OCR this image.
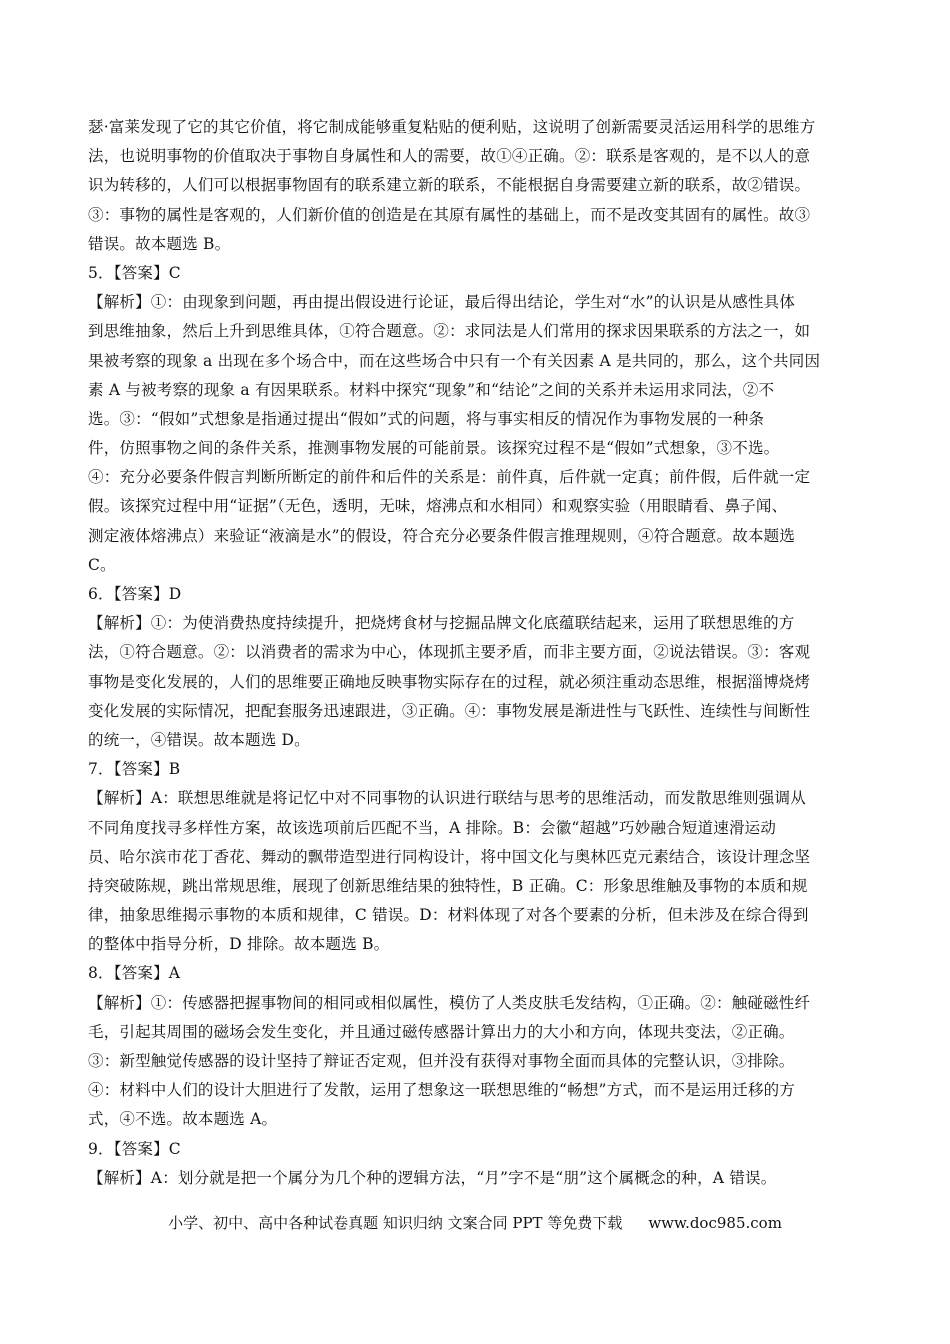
瑟·富莱发现了它的其它价值，将它制成能够重复粘贴的便利贴，这说明了创新需要灵活运用科学的思维方

法，也说明事物的价值取决于事物自身属性和人的需要，故①④正确。②：联系是客观的，是不以人的意

识为转移的，人们可以根据事物固有的联系建立新的联系，不能根据自身需要建立新的联系，故②错误。

③：事物的属性是客观的，人们新价值的创造是在其原有属性的基础上，而不是改变其固有的属性。故③

错误。故本题选 B。

5．【答案】C

【解析】①：由现象到问题，再由提出假设进行论证，最后得出结论，学生对“水”的认识是从感性具体

到思维抽象，然后上升到思维具体，①符合题意。②：求同法是人们常用的探求因果联系的方法之一，如

果被考察的现象 a 出现在多个场合中，而在这些场合中只有一个有关因素 A 是共同的，那么，这个共同因

素 A 与被考察的现象 a 有因果联系。材料中探究“现象”和“结论”之间的关系并未运用求同法，②不

选。③：“假如”式想象是指通过提出“假如”式的问题，将与事实相反的情况作为事物发展的一种条

件，仿照事物之间的条件关系，推测事物发展的可能前景。该探究过程不是“假如”式想象，③不选。

④：充分必要条件假言判断所断定的前件和后件的关系是：前件真，后件就一定真；前件假，后件就一定

假。该探究过程中用“证据”（无色，透明，无味，熔沸点和水相同）和观察实验（用眼睛看、鼻子闻、

测定液体熔沸点）来验证“液滴是水”的假设，符合充分必要条件假言推理规则，④符合题意。故本题选

C。

6．【答案】D

【解析】①：为使消费热度持续提升，把烧烤食材与挖掘品牌文化底蕴联结起来，运用了联想思维的方

法，①符合题意。②：以消费者的需求为中心，体现抓主要矛盾，而非主要方面，②说法错误。③：客观

事物是变化发展的，人们的思维要正确地反映事物实际存在的过程，就必须注重动态思维，根据淄博烧烤

变化发展的实际情况，把配套服务迅速跟进，③正确。④：事物发展是渐进性与飞跃性、连续性与间断性

的统一，④错误。故本题选 D。

7．【答案】B

【解析】A：联想思维就是将记忆中对不同事物的认识进行联结与思考的思维活动，而发散思维则强调从

不同角度找寻多样性方案，故该选项前后匹配不当，A 排除。B：会徽“超越”巧妙融合短道速滑运动

员、哈尔滨市花丁香花、舞动的飘带造型进行同构设计，将中国文化与奥林匹克元素结合，该设计理念坚

持突破陈规，跳出常规思维，展现了创新思维结果的独特性，B 正确。C：形象思维触及事物的本质和规

律，抽象思维揭示事物的本质和规律，C 错误。D：材料体现了对各个要素的分析，但未涉及在综合得到

的整体中指导分析，D 排除。故本题选 B。

8．【答案】A

【解析】①：传感器把握事物间的相同或相似属性，模仿了人类皮肤毛发结构，①正确。②：触碰磁性纤

毛，引起其周围的磁场会发生变化，并且通过磁传感器计算出力的大小和方向，体现共变法，②正确。

③：新型触觉传感器的设计坚持了辩证否定观，但并没有获得对事物全面而具体的完整认识，③排除。

④：材料中人们的设计大胆进行了发散，运用了想象这一联想思维的“畅想”方式，而不是运用迁移的方

式，④不选。故本题选 A。

9．【答案】C

【解析】A：划分就是把一个属分为几个种的逻辑方法，“月”字不是“朋”这个属概念的种，A 错误。

小学、初中、高中各种试卷真题 知识归纳 文案合同 PPT 等免费下载 www.doc985.com
